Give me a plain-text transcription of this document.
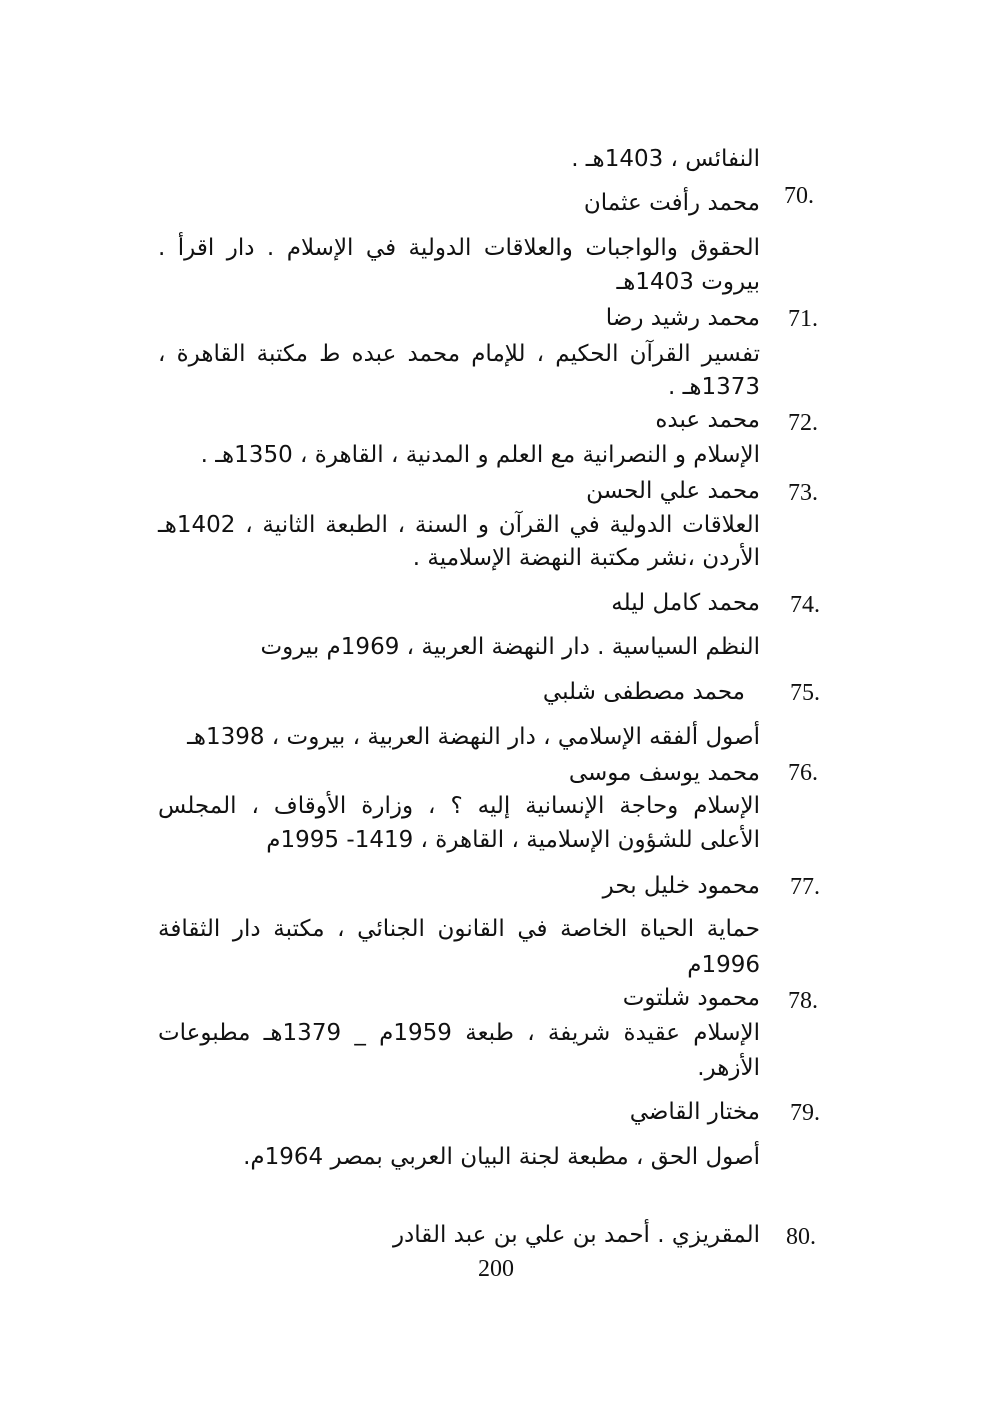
النفائس ، 1403هـ .
70.
محمد رأفت عثمان
الحقوق والواجبات والعلاقات الدولية في الإسلام . دار اقرأ .
بيروت 1403هـ
71.
محمد رشيد رضا
تفسير القرآن الحكيم ، للإمام محمد عبده ط مكتبة القاهرة ،
1373هـ .
72.
محمد عبده
الإسلام و النصرانية مع العلم و المدنية ، القاهرة ، 1350هـ .
73.
محمد علي الحسن
العلاقات الدولية في القرآن و السنة ، الطبعة الثانية ، 1402هـ
الأردن ،نشر مكتبة النهضة الإسلامية .
74.
محمد كامل ليله
النظم السياسية . دار النهضة العربية ، 1969م بيروت
75.
محمد مصطفى شلبي
أصول ألفقه الإسلامي ، دار النهضة العربية ، بيروت ، 1398هـ
76.
محمد يوسف موسى
الإسلام وحاجة الإنسانية إليه ؟ ، وزارة الأوقاف ، المجلس
الأعلى للشؤون الإسلامية ، القاهرة ، 1419- 1995م
77.
محمود خليل بحر
حماية الحياة الخاصة في القانون الجنائي ، مكتبة دار الثقافة
1996م
78.
محمود شلتوت
الإسلام عقيدة شريفة ، طبعة 1959م _ 1379هـ مطبوعات
الأزهر.
79.
مختار القاضي
أصول الحق ، مطبعة لجنة البيان العربي بمصر 1964م.
80.
المقريزي . أحمد بن علي بن عبد القادر
200
